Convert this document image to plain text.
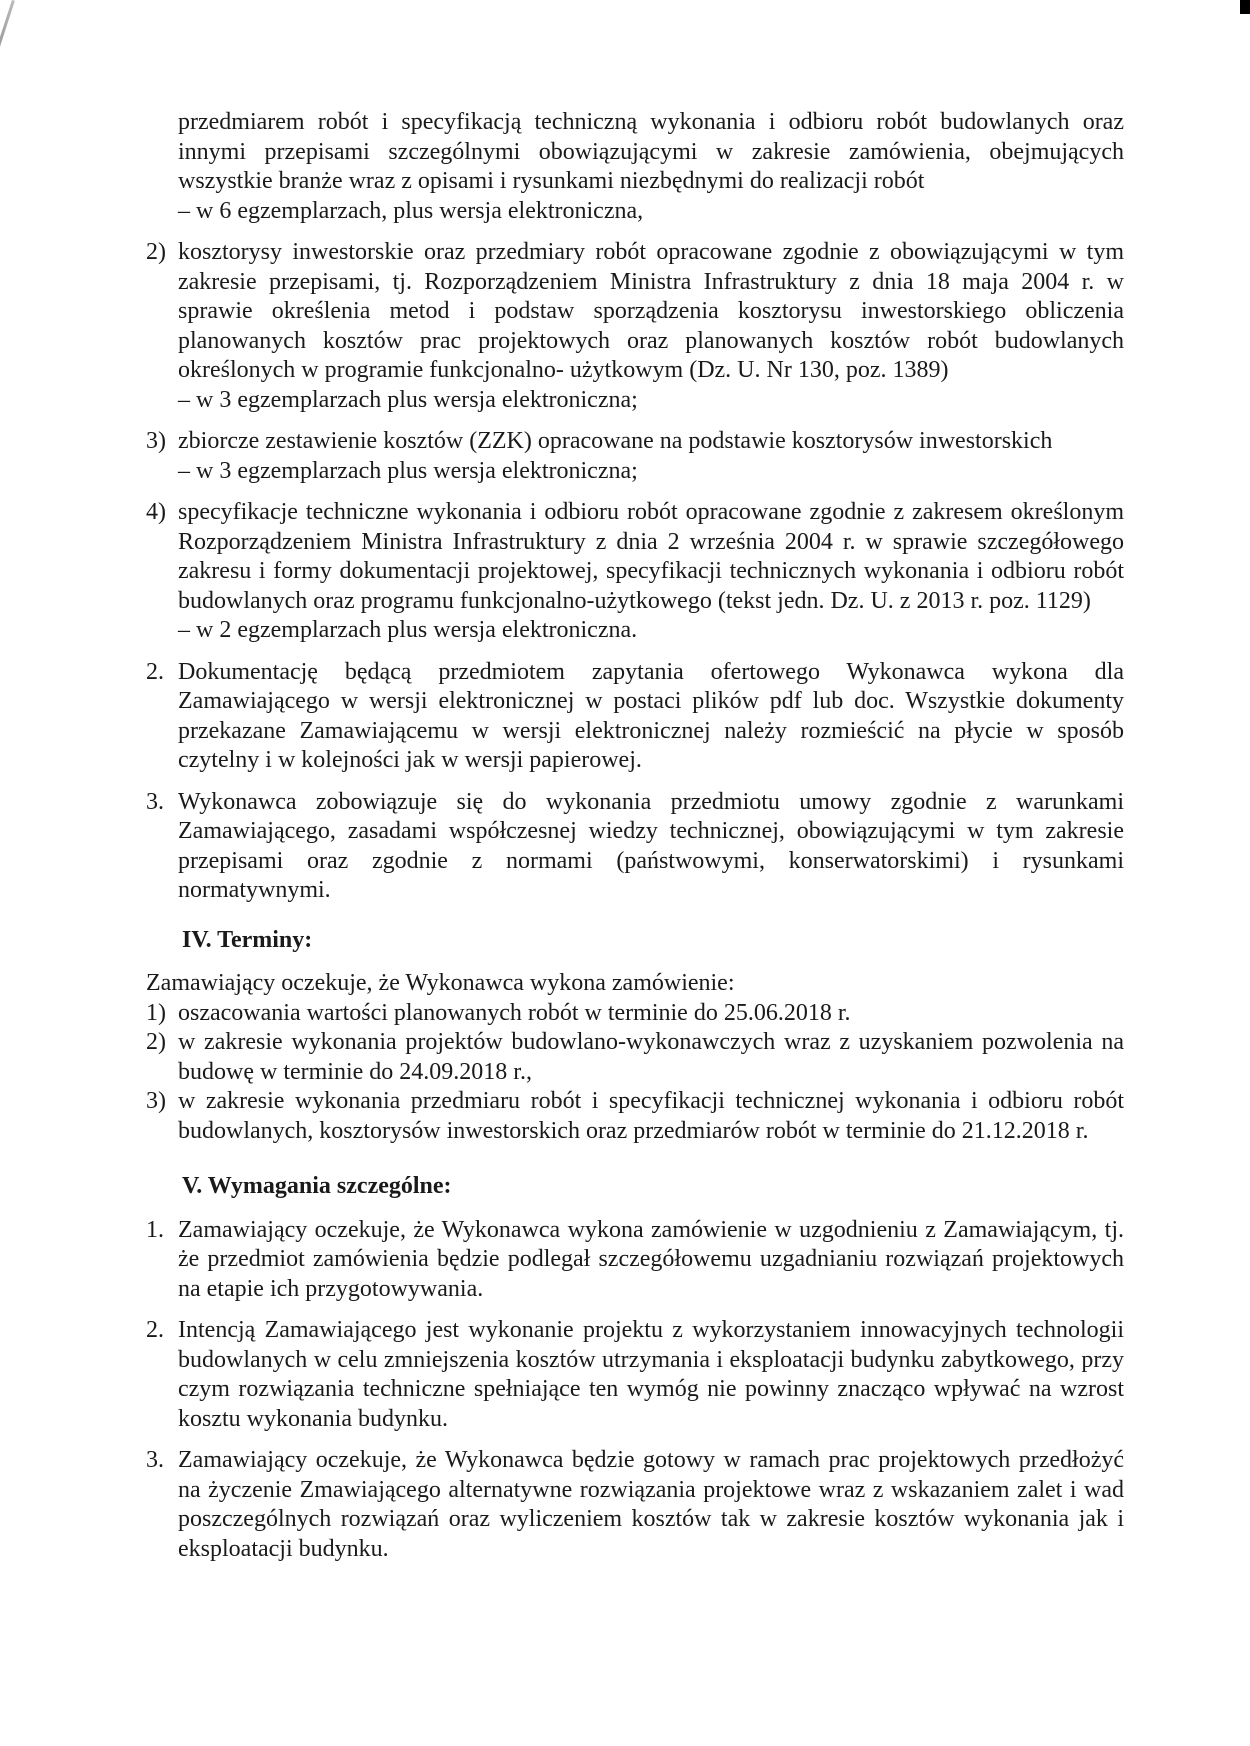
przedmiarem robót i specyfikacją techniczną wykonania i odbioru robót budowlanych oraz innymi przepisami szczególnymi obowiązującymi w zakresie zamówienia, obejmujących wszystkie branże wraz z opisami i rysunkami niezbędnymi do realizacji robót

– w 6 egzemplarzach, plus wersja elektroniczna,

2) kosztorysy inwestorskie oraz przedmiary robót opracowane zgodnie z obowiązującymi w tym zakresie przepisami, tj. Rozporządzeniem Ministra Infrastruktury z dnia 18 maja 2004 r. w sprawie określenia metod i podstaw sporządzenia kosztorysu inwestorskiego obliczenia planowanych kosztów prac projektowych oraz planowanych kosztów robót budowlanych określonych w programie funkcjonalno- użytkowym (Dz. U. Nr 130, poz. 1389)

– w 3 egzemplarzach plus wersja elektroniczna;

3) zbiorcze zestawienie kosztów (ZZK) opracowane na podstawie kosztorysów inwestorskich

– w 3 egzemplarzach plus wersja elektroniczna;

4) specyfikacje techniczne wykonania i odbioru robót opracowane zgodnie z zakresem określonym Rozporządzeniem Ministra Infrastruktury z dnia 2 września 2004 r. w sprawie szczegółowego zakresu i formy dokumentacji projektowej, specyfikacji technicznych wykonania i odbioru robót budowlanych oraz programu funkcjonalno-użytkowego (tekst jedn. Dz. U. z 2013 r. poz. 1129)

– w 2 egzemplarzach plus wersja elektroniczna.

2. Dokumentację będącą przedmiotem zapytania ofertowego Wykonawca wykona dla Zamawiającego w wersji elektronicznej w postaci plików pdf lub doc. Wszystkie dokumenty przekazane Zamawiającemu w wersji elektronicznej należy rozmieścić na płycie w sposób czytelny i w kolejności jak w wersji papierowej.

3. Wykonawca zobowiązuje się do wykonania przedmiotu umowy zgodnie z warunkami Zamawiającego, zasadami współczesnej wiedzy technicznej, obowiązującymi w tym zakresie przepisami oraz zgodnie z normami (państwowymi, konserwatorskimi) i rysunkami normatywnymi.

IV. Terminy:

Zamawiający oczekuje, że Wykonawca wykona zamówienie:

1) oszacowania wartości planowanych robót w terminie do 25.06.2018 r.

2) w zakresie wykonania projektów budowlano-wykonawczych wraz z uzyskaniem pozwolenia na budowę w terminie do 24.09.2018 r.,

3) w zakresie wykonania przedmiaru robót i specyfikacji technicznej wykonania i odbioru robót budowlanych, kosztorysów inwestorskich oraz przedmiarów robót w terminie do 21.12.2018 r.

V. Wymagania szczególne:

1. Zamawiający oczekuje, że Wykonawca wykona zamówienie w uzgodnieniu z Zamawiającym, tj. że przedmiot zamówienia będzie podlegał szczegółowemu uzgadnianiu rozwiązań projektowych na etapie ich przygotowywania.

2. Intencją Zamawiającego jest wykonanie projektu z wykorzystaniem innowacyjnych technologii budowlanych w celu zmniejszenia kosztów utrzymania i eksploatacji budynku zabytkowego, przy czym rozwiązania techniczne spełniające ten wymóg nie powinny znacząco wpływać na wzrost kosztu wykonania budynku.

3. Zamawiający oczekuje, że Wykonawca będzie gotowy w ramach prac projektowych przedłożyć na życzenie Zmawiającego alternatywne rozwiązania projektowe wraz z wskazaniem zalet i wad poszczególnych rozwiązań oraz wyliczeniem kosztów tak w zakresie kosztów wykonania jak i eksploatacji budynku.
